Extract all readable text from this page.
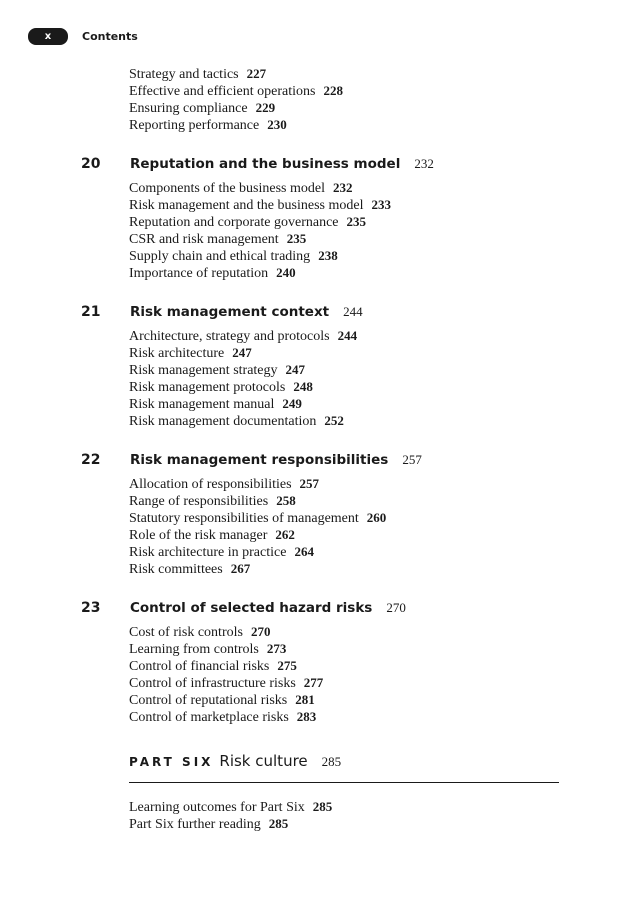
x	Contents
Strategy and tactics 227
Effective and efficient operations 228
Ensuring compliance 229
Reporting performance 230
20 Reputation and the business model 232
Components of the business model 232
Risk management and the business model 233
Reputation and corporate governance 235
CSR and risk management 235
Supply chain and ethical trading 238
Importance of reputation 240
21 Risk management context 244
Architecture, strategy and protocols 244
Risk architecture 247
Risk management strategy 247
Risk management protocols 248
Risk management manual 249
Risk management documentation 252
22 Risk management responsibilities 257
Allocation of responsibilities 257
Range of responsibilities 258
Statutory responsibilities of management 260
Role of the risk manager 262
Risk architecture in practice 264
Risk committees 267
23 Control of selected hazard risks 270
Cost of risk controls 270
Learning from controls 273
Control of financial risks 275
Control of infrastructure risks 277
Control of reputational risks 281
Control of marketplace risks 283
PART SIX Risk culture 285
Learning outcomes for Part Six 285
Part Six further reading 285
